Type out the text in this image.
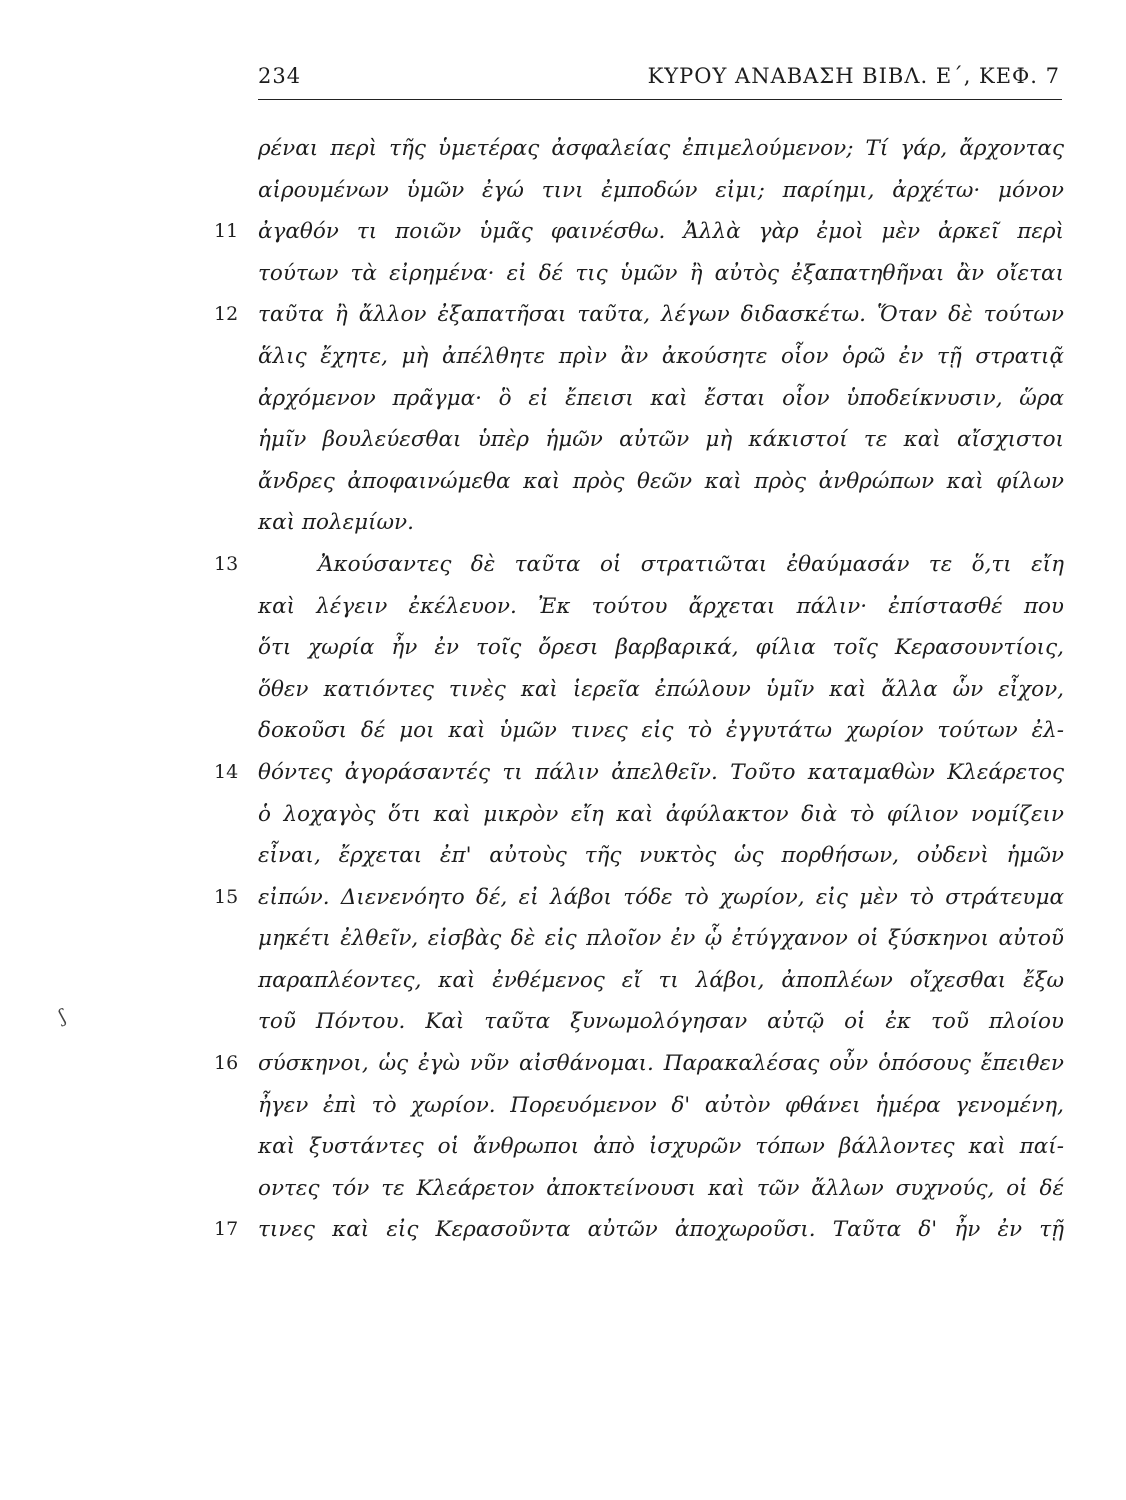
234	ΚΥΡΟΥ ΑΝΑΒΑΣΗ ΒΙΒΛ. Ε΄, ΚΕΦ. 7
ρέναι περὶ τῆς ὑμετέρας ἀσφαλείας ἐπιμελούμενον; Τί γάρ, ἄρχοντας
αἱρουμένων ὑμῶν ἐγώ τινι ἐμποδών εἰμι; παρίημι, ἀρχέτω· μόνον
11 ἀγαθόν τι ποιῶν ὑμᾶς φαινέσθω. Ἀλλὰ γὰρ ἐμοὶ μὲν ἀρκεῖ περὶ
τούτων τὰ εἰρημένα· εἰ δέ τις ὑμῶν ἢ αὐτὸς ἐξαπατηθῆναι ἂν οἴεται
12 ταῦτα ἢ ἄλλον ἐξαπατῆσαι ταῦτα, λέγων διδασκέτω. Ὅταν δὲ τούτων
ἅλις ἔχητε, μὴ ἀπέλθητε πρὶν ἂν ἀκούσητε οἷον ὁρῶ ἐν τῇ στρατιᾷ
ἀρχόμενον πρᾶγμα· ὃ εἰ ἔπεισι καὶ ἔσται οἷον ὑποδείκνυσιν, ὥρα
ἡμῖν βουλεύεσθαι ὑπὲρ ἡμῶν αὐτῶν μὴ κάκιστοί τε καὶ αἴσχιστοι
ἄνδρες ἀποφαινώμεθα καὶ πρὸς θεῶν καὶ πρὸς ἀνθρώπων καὶ φίλων
καὶ πολεμίων.
13	Ἀκούσαντες δὲ ταῦτα οἱ στρατιῶται ἐθαύμασάν τε ὅ,τι εἴη
καὶ λέγειν ἐκέλευον. Ἐκ τούτου ἄρχεται πάλιν· ἐπίστασθέ που
ὅτι χωρία ἦν ἐν τοῖς ὄρεσι βαρβαρικά, φίλια τοῖς Κερασουντίοις,
ὅθεν κατιόντες τινὲς καὶ ἱερεῖα ἐπώλουν ὑμῖν καὶ ἄλλα ὧν εἶχον,
δοκοῦσι δέ μοι καὶ ὑμῶν τινες εἰς τὸ ἐγγυτάτω χωρίον τούτων ἐλ-
14 θόντες ἀγοράσαντές τι πάλιν ἀπελθεῖν. Τοῦτο καταμαθὼν Κλεάρετος
ὁ λοχαγὸς ὅτι καὶ μικρὸν εἴη καὶ ἀφύλακτον διὰ τὸ φίλιον νομίζειν
εἶναι, ἔρχεται ἐπ' αὐτοὺς τῆς νυκτὸς ὡς πορθήσων, οὐδενὶ ἡμῶν
15 εἰπών. Διενενόητο δέ, εἰ λάβοι τόδε τὸ χωρίον, εἰς μὲν τὸ στράτευμα
μηκέτι ἐλθεῖν, εἰσβὰς δὲ εἰς πλοῖον ἐν ᾧ ἐτύγχανον οἱ ξύσκηνοι αὐτοῦ
παραπλέοντες, καὶ ἐνθέμενος εἴ τι λάβοι, ἀποπλέων οἴχεσθαι ἔξω
τοῦ Πόντου. Καὶ ταῦτα ξυνωμολόγησαν αὐτῷ οἱ ἐκ τοῦ πλοίου
16 σύσκηνοι, ὡς ἐγὼ νῦν αἰσθάνομαι. Παρακαλέσας οὖν ὁπόσους ἔπειθεν
ἦγεν ἐπὶ τὸ χωρίον. Πορευόμενον δ' αὐτὸν φθάνει ἡμέρα γενομένη,
καὶ ξυστάντες οἱ ἄνθρωποι ἀπὸ ἰσχυρῶν τόπων βάλλοντες καὶ παί-
οντες τόν τε Κλεάρετον ἀποκτείνουσι καὶ τῶν ἄλλων συχνούς, οἱ δέ
17 τινες καὶ εἰς Κερασοῦντα αὐτῶν ἀποχωροῦσι. Ταῦτα δ' ἦν ἐν τῇ
ʃ
